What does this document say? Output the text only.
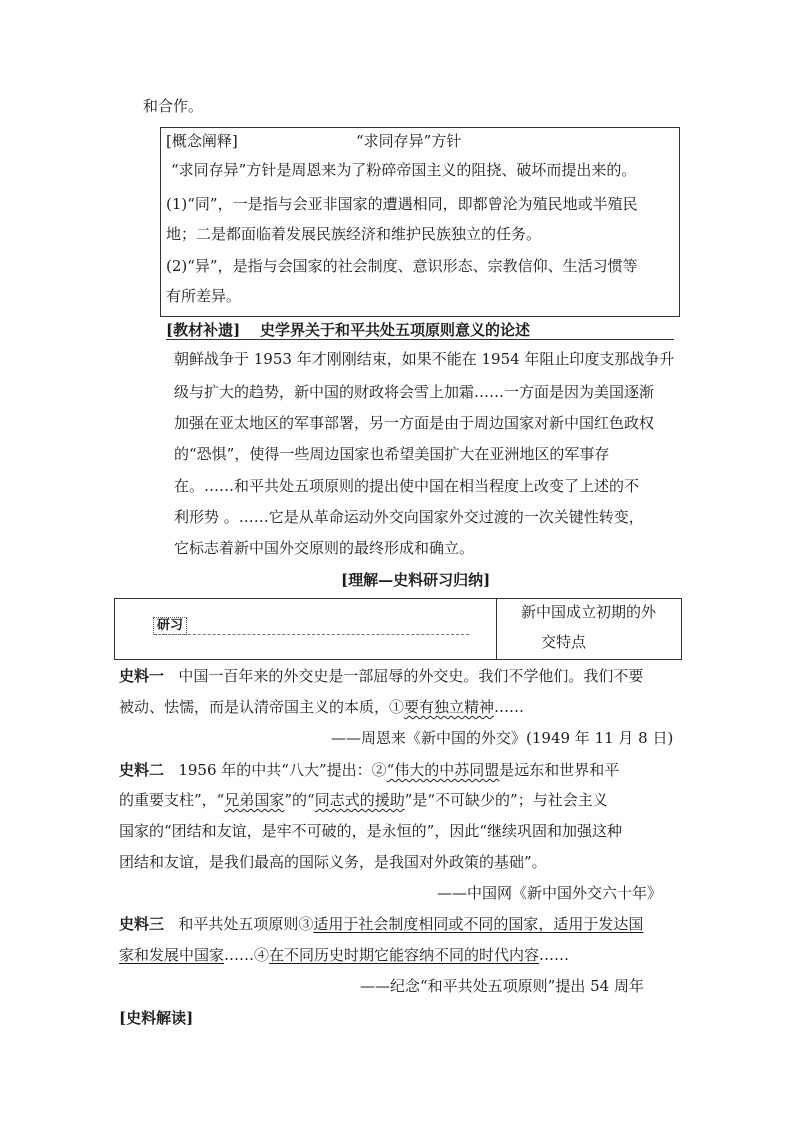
和合作。
[概念阐释]	“求同存异”方针
“求同存异”方针是周恩来为了粉碎帝国主义的阻挠、破坏而提出来的。
(1)“同”，一是指与会亚非国家的遭遇相同，即都曾沦为殖民地或半殖民
地；二是都面临着发展民族经济和维护民族独立的任务。
(2)“异”，是指与会国家的社会制度、意识形态、宗教信仰、生活习惯等
有所差异。
[教材补遗] 史学界关于和平共处五项原则意义的论述
朝鲜战争于 1953 年才刚刚结束，如果不能在 1954 年阻止印度支那战争升
级与扩大的趋势，新中国的财政将会雪上加霜……一方面是因为美国逐渐
加强在亚太地区的军事部署，另一方面是由于周边国家对新中国红色政权
的“恐惧”，使得一些周边国家也希望美国扩大在亚洲地区的军事存
在。……和平共处五项原则的提出使中国在相当程度上改变了上述的不
利形势 。……它是从革命运动外交向国家外交过渡的一次关键性转变，
它标志着新中国外交原则的最终形成和确立。
[理解—史料研习归纳]
研习
新中国成立初期的外
交特点
史料一 中国一百年来的外交史是一部屈辱的外交史。我们不学他们。我们不要
被动、怯懦，而是认清帝国主义的本质，①要有独立精神……
——周恩来《新中国的外交》(1949 年 11 月 8 日)
史料二 1956 年的中共“八大”提出：②“伟大的中苏同盟是远东和世界和平
的重要支柱”，“兄弟国家”的“同志式的援助”是“不可缺少的”；与社会主义
国家的“团结和友谊，是牢不可破的，是永恒的”，因此“继续巩固和加强这种
团结和友谊，是我们最高的国际义务，是我国对外政策的基础”。
——中国网《新中国外交六十年》
史料三 和平共处五项原则③适用于社会制度相同或不同的国家，适用于发达国
家和发展中国家……④在不同历史时期它能容纳不同的时代内容……
——纪念“和平共处五项原则”提出 54 周年
[史料解读]
